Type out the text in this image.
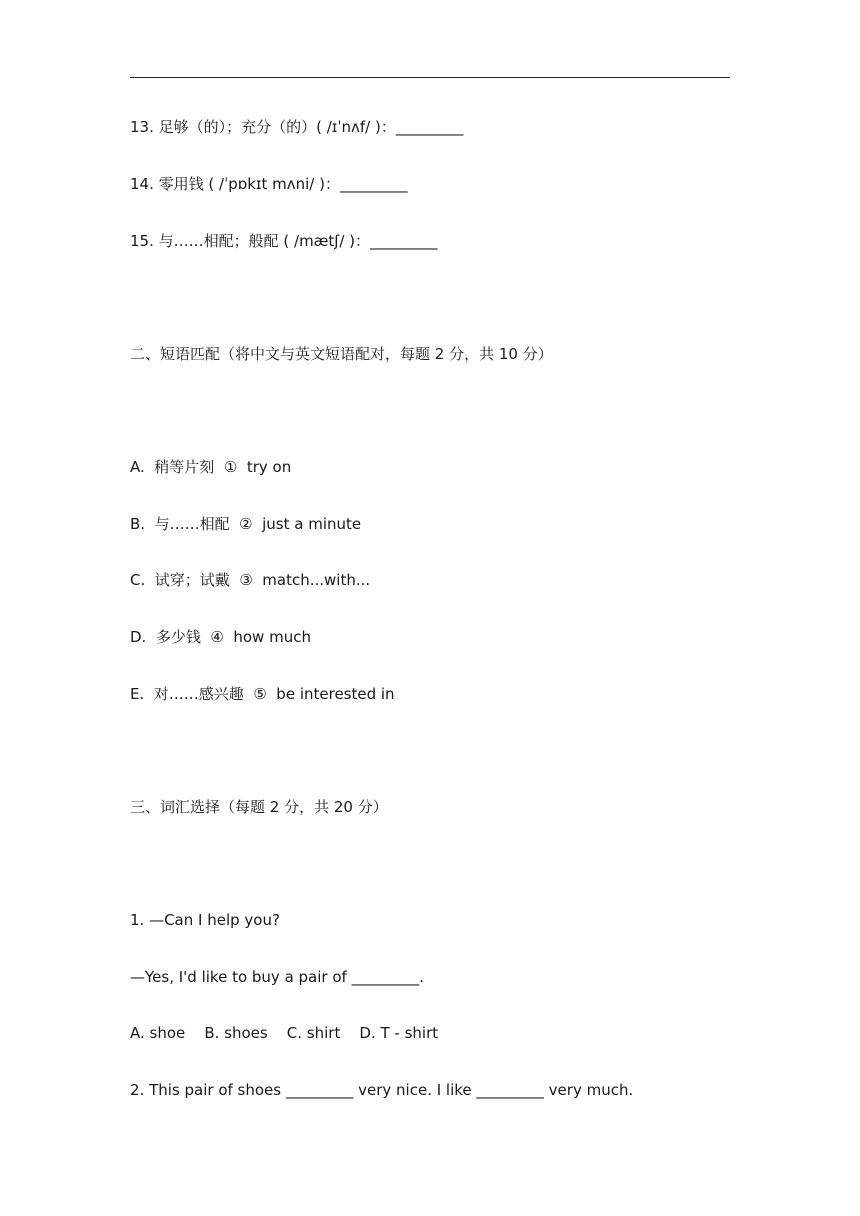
13. 足够（的）；充分（的）( /ɪˈnʌf/ )：_________
14. 零用钱 ( /ˈpɒkɪt mʌni/ )：_________
15. 与……相配；般配 ( /mætʃ/ )：_________
二、短语匹配（将中文与英文短语配对，每题 2 分，共 10 分）
A.  稍等片刻  ①  try on
B.  与……相配  ②  just a minute
C.  试穿；试戴  ③  match...with...
D.  多少钱  ④  how much
E.  对……感兴趣  ⑤  be interested in
三、词汇选择（每题 2 分，共 20 分）
1. —Can I help you?
—Yes, I'd like to buy a pair of _________.
A. shoe    B. shoes    C. shirt    D. T - shirt
2. This pair of shoes _________ very nice. I like _________ very much.
